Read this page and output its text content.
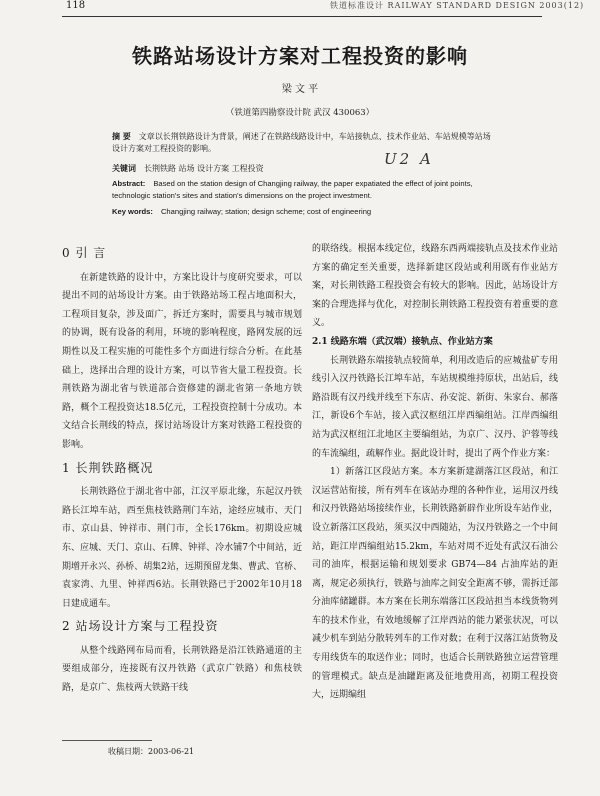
118	铁道标准设计 RAILWAY STANDARD DESIGN 2003(12)
铁路站场设计方案对工程投资的影响
梁 文 平
（铁道第四勘察设计院 武汉 430063）
摘 要 文章以长荆铁路设计为背景，阐述了在铁路线路设计中，车站接轨点、技术作业站、车站规模等站场设计方案对工程投资的影响。
关键词 长荆铁路 站场 设计方案 工程投资
U2 A
Abstract: Based on the station design of Changjing railway, the paper expatiated the effect of joint points, technologic station's sites and station's dimensions on the project investment.
Key words: Changjing railway; station; design scheme; cost of engineering
0 引 言

在新建铁路的设计中，方案比设计与度研究要求，可以提出不同的站场设计方案。由于铁路站场工程占地面积大，工程项目复杂，涉及面广，拆迁方案时，需要具与城市规划的协调，既有设备的利用，环境的影响程度，路网发展的远期性以及工程实施的可能性多个方面进行综合分析。在此基础上，选择出合理的设计方案，可以节省大量工程投资。长荆铁路为湖北省与铁道部合资修建的湖北省第一条地方铁路，概个工程投资达18.5亿元，工程投资控制十分成功。本文结合长荆线的特点，探讨站场设计方案对铁路工程投资的影响。

1 长荆铁路概况

长荆铁路位于湖北省中部，江汉平原北缘，东起汉丹铁路长江埠车站，西至焦枝铁路荆门车站，途经应城市、天门市、京山县、钟祥市、荆门市，全长176km。初期设应城东、应城、天门、京山、石牌、钟祥、冷水铺7个中间站，近期增开永兴、孙桥、胡集2站，远期预留龙集、曹武、官桥、袁家湾、九里、钟祥西6站。长荆铁路已于2002年10月18日建成通车。

2 站场设计方案与工程投资

从整个线路网布局而看，长荆铁路是沿江铁路通道的主要组成部分，连接既有汉丹铁路（武京广铁路）和焦枝铁路，是京广、焦枝两大铁路干线

的联络线。根据本线定位，线路东西两端接轨点及技术作业站方案的确定至关重要，选择新建区段站或利用既有作业站方案，对长荆铁路工程投资会有较大的影响。因此，站场设计方案的合理选择与优化，对控制长荆铁路工程投资有着重要的意义。

2.1 线路东端（武汉端）接轨点、作业站方案

长荆铁路东端接轨点较简单，利用改造后的应城盐矿专用线引入汉丹铁路长江埠车站，车站规模维持原状，出站后，线路沿既有汉丹线并线至下东店、孙安淀、新街、朱家台、郝落江，新设6个车站，接入武汉枢纽江岸西编组站。江岸西编组站为武汉枢纽江北地区主要编组站，为京广、汉丹、沪蓉等线的车流编组，疏解作业。据此设计时，提出了两个作业方案：

1）新落江区段站方案。本方案新建湖落江区段站，和江汉运营站衔接，所有列车在该站办理的各种作业，运用汉丹线和汉丹铁路站场接续作业，长荆铁路新辟作业所设车站作业，设立新落江区段站，须买汉中西随站，为汉丹铁路之一个中间站，距江岸西编组站15.2km，车站对周不近处有武汉石油公司的油库，根据运输和规划要求 GB74—84 占油库站的距离，规定必须执行，铁路与油库之间安全距离不够，需拆迁部分油库储罐群。本方案在长荆东端落江区段站担当本线货物列车的技术作业，有效地缓解了江岸西站的能力紧张状况，可以减少机车到站分散转列车的工作对数；在利于汉落江站货物及专用线货车的取送作业；同时，也适合长荆铁路独立运营管理的管理模式。缺点是油罐距离及征地费用高，初期工程投资大，远期编组

收稿日期：2003-06-21
